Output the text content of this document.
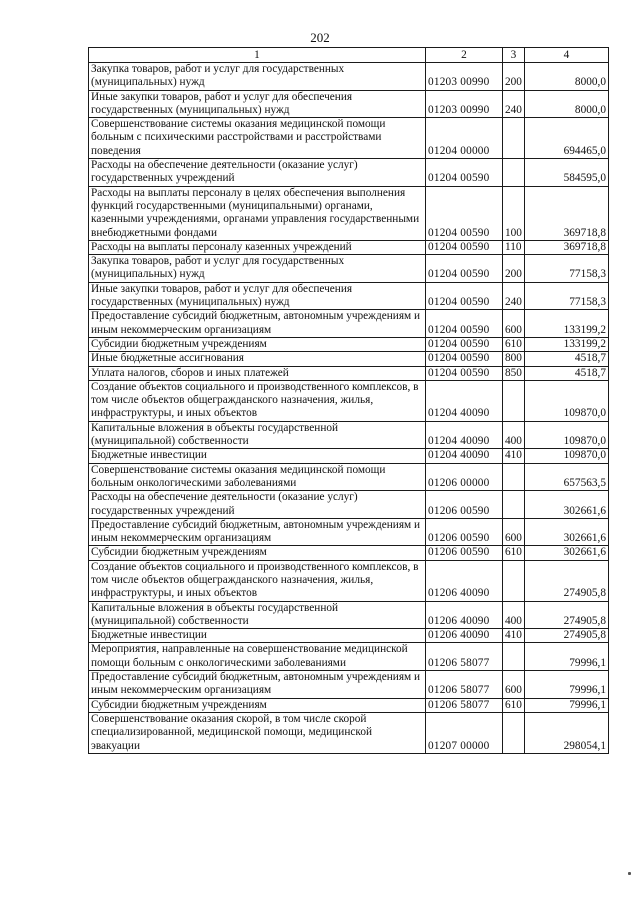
202
1	2	3	4
Закупка товаров, работ и услуг для государственных (муниципальных) нужд	01203 00990	200	8000,0
Иные закупки товаров, работ и услуг для обеспечения государственных (муниципальных) нужд	01203 00990	240	8000,0
Совершенствование системы оказания медицинской помощи больным с психическими расстройствами и расстройствами поведения	01204 00000		694465,0
Расходы на обеспечение деятельности (оказание услуг) государственных учреждений	01204 00590		584595,0
Расходы на выплаты персоналу в целях обеспечения выполнения функций государственными (муниципальными) органами, казенными учреждениями, органами управления государственными внебюджетными фондами	01204 00590	100	369718,8
Расходы на выплаты персоналу казенных учреждений	01204 00590	110	369718,8
Закупка товаров, работ и услуг для государственных (муниципальных) нужд	01204 00590	200	77158,3
Иные закупки товаров, работ и услуг для обеспечения государственных (муниципальных) нужд	01204 00590	240	77158,3
Предоставление субсидий бюджетным, автономным учреждениям и иным некоммерческим организациям	01204 00590	600	133199,2
Субсидии бюджетным учреждениям	01204 00590	610	133199,2
Иные бюджетные ассигнования	01204 00590	800	4518,7
Уплата налогов, сборов и иных платежей	01204 00590	850	4518,7
Создание объектов социального и производственного комплексов, в том числе объектов общегражданского назначения, жилья, инфраструктуры, и иных объектов	01204 40090		109870,0
Капитальные вложения в объекты государственной (муниципальной) собственности	01204 40090	400	109870,0
Бюджетные инвестиции	01204 40090	410	109870,0
Совершенствование системы оказания медицинской помощи больным онкологическими заболеваниями	01206 00000		657563,5
Расходы на обеспечение деятельности (оказание услуг) государственных учреждений	01206 00590		302661,6
Предоставление субсидий бюджетным, автономным учреждениям и иным некоммерческим организациям	01206 00590	600	302661,6
Субсидии бюджетным учреждениям	01206 00590	610	302661,6
Создание объектов социального и производственного комплексов, в том числе объектов общегражданского назначения, жилья, инфраструктуры, и иных объектов	01206 40090		274905,8
Капитальные вложения в объекты государственной (муниципальной) собственности	01206 40090	400	274905,8
Бюджетные инвестиции	01206 40090	410	274905,8
Мероприятия, направленные на совершенствование медицинской помощи больным с онкологическими заболеваниями	01206 58077		79996,1
Предоставление субсидий бюджетным, автономным учреждениям и иным некоммерческим организациям	01206 58077	600	79996,1
Субсидии бюджетным учреждениям	01206 58077	610	79996,1
Совершенствование оказания скорой, в том числе скорой специализированной, медицинской помощи, медицинской эвакуации	01207 00000		298054,1
